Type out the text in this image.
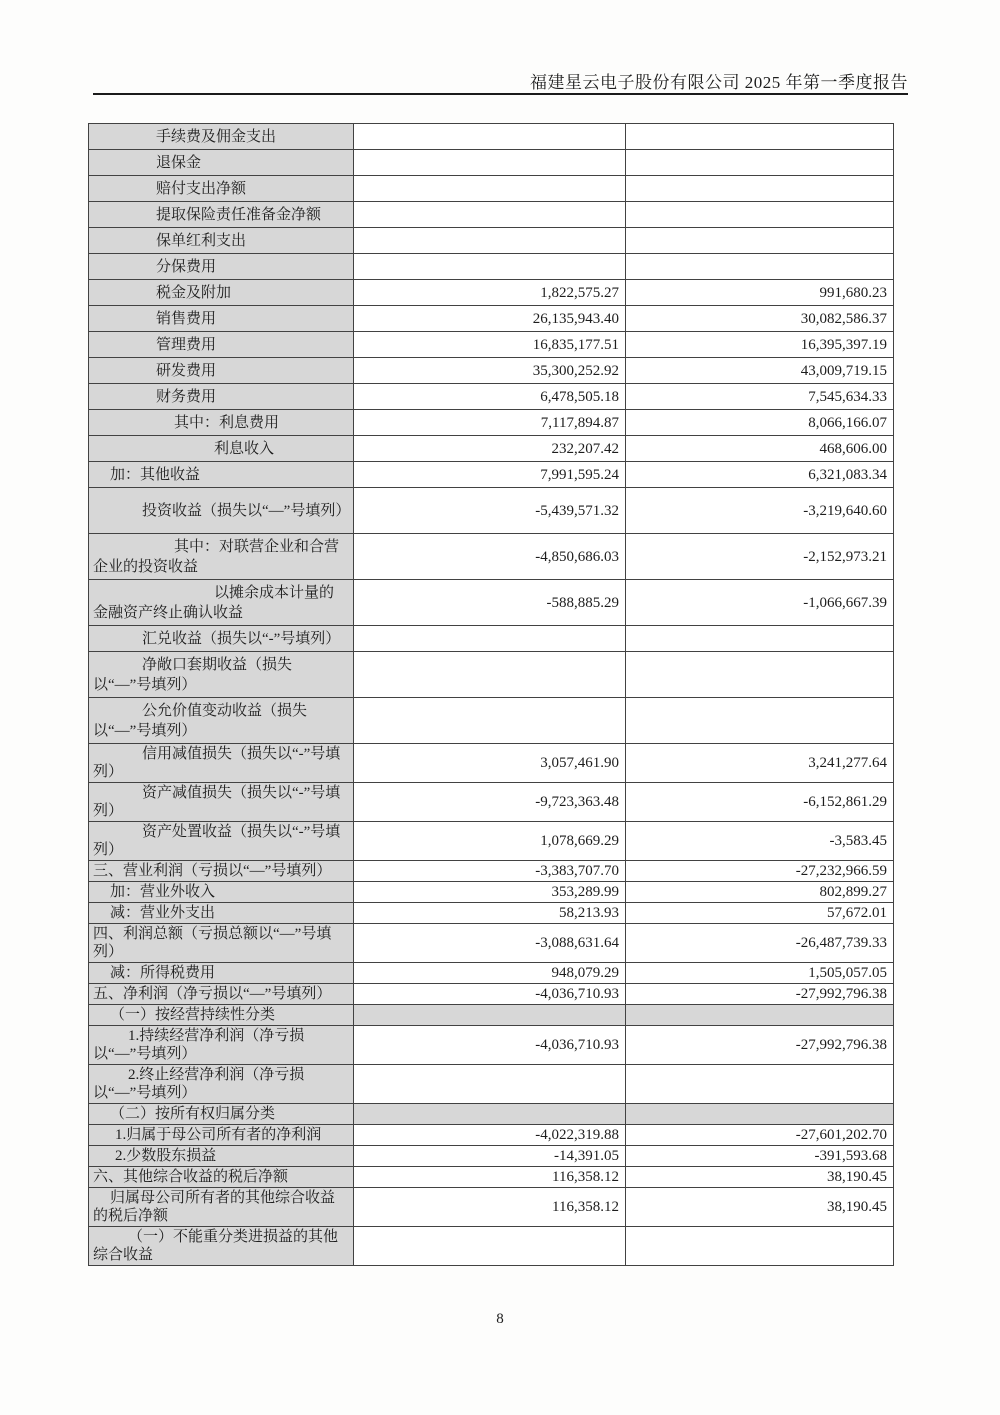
福建星云电子股份有限公司 2025 年第一季度报告
手续费及佣金支出		
退保金		
赔付支出净额		
提取保险责任准备金净额		
保单红利支出		
分保费用		
税金及附加	1,822,575.27	991,680.23
销售费用	26,135,943.40	30,082,586.37
管理费用	16,835,177.51	16,395,397.19
研发费用	35,300,252.92	43,009,719.15
财务费用	6,478,505.18	7,545,634.33
其中：利息费用	7,117,894.87	8,066,166.07
利息收入	232,207.42	468,606.00
加：其他收益	7,991,595.24	6,321,083.34
投资收益（损失以“—”号填列）	-5,439,571.32	-3,219,640.60
其中：对联营企业和合营企业的投资收益	-4,850,686.03	-2,152,973.21
以摊余成本计量的金融资产终止确认收益	-588,885.29	-1,066,667.39
汇兑收益（损失以“-”号填列）		
净敞口套期收益（损失以“—”号填列）		
公允价值变动收益（损失以“—”号填列）		
信用减值损失（损失以“-”号填列）	3,057,461.90	3,241,277.64
资产减值损失（损失以“-”号填列）	-9,723,363.48	-6,152,861.29
资产处置收益（损失以“-”号填列）	1,078,669.29	-3,583.45
三、营业利润（亏损以“—”号填列）	-3,383,707.70	-27,232,966.59
加：营业外收入	353,289.99	802,899.27
减：营业外支出	58,213.93	57,672.01
四、利润总额（亏损总额以“—”号填列）	-3,088,631.64	-26,487,739.33
减：所得税费用	948,079.29	1,505,057.05
五、净利润（净亏损以“—”号填列）	-4,036,710.93	-27,992,796.38
（一）按经营持续性分类		
1.持续经营净利润（净亏损以“—”号填列）	-4,036,710.93	-27,992,796.38
2.终止经营净利润（净亏损以“—”号填列）		
（二）按所有权归属分类		
1.归属于母公司所有者的净利润	-4,022,319.88	-27,601,202.70
2.少数股东损益	-14,391.05	-391,593.68
六、其他综合收益的税后净额	116,358.12	38,190.45
归属母公司所有者的其他综合收益的税后净额	116,358.12	38,190.45
（一）不能重分类进损益的其他综合收益		
8
